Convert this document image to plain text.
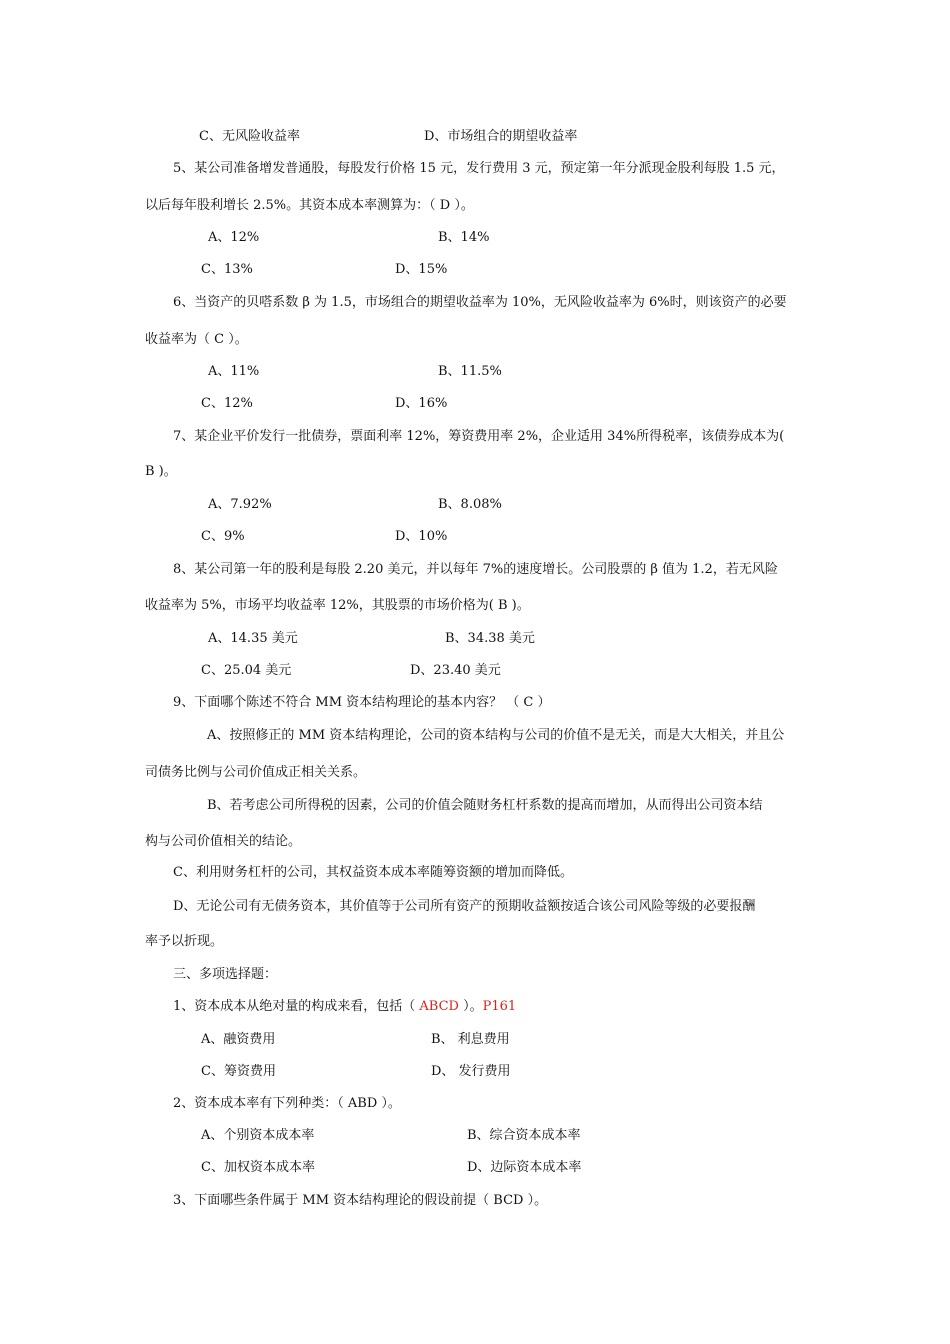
C、无风险收益率	D、市场组合的期望收益率
5、某公司准备增发普通股，每股发行价格 15 元，发行费用 3 元，预定第一年分派现金股利每股 1.5 元，
以后每年股利增长 2.5%。其资本成本率测算为：（ D ）。
A、12%	B、14%
C、13%	D、15%
6、当资产的贝嗒系数 β 为 1.5，市场组合的期望收益率为 10%，无风险收益率为 6%时，则该资产的必要
收益率为（ C ）。
A、11%	B、11.5%
C、12%	D、16%
7、某企业平价发行一批债券，票面利率 12%，筹资费用率 2%，企业适用 34%所得税率，该债券成本为(
B )。
A、7.92%	B、8.08%
C、9%	D、10%
8、某公司第一年的股利是每股 2.20 美元，并以每年 7%的速度增长。公司股票的 β 值为 1.2，若无风险
收益率为 5%，市场平均收益率 12%，其股票的市场价格为( B )。
A、14.35 美元	B、34.38 美元
C、25.04 美元	D、23.40 美元
9、下面哪个陈述不符合 MM 资本结构理论的基本内容？ （ C ）
A、按照修正的 MM 资本结构理论，公司的资本结构与公司的价值不是无关，而是大大相关，并且公
司债务比例与公司价值成正相关关系。
B、若考虑公司所得税的因素，公司的价值会随财务杠杆系数的提高而增加，从而得出公司资本结
构与公司价值相关的结论。
C、利用财务杠杆的公司，其权益资本成本率随筹资额的增加而降低。
D、无论公司有无债务资本，其价值等于公司所有资产的预期收益额按适合该公司风险等级的必要报酬
率予以折现。
三、多项选择题：
1、资本成本从绝对量的构成来看，包括（ ABCD ）。P161
A、融资费用	B、 利息费用
C、筹资费用	D、 发行费用
2、资本成本率有下列种类：（ ABD ）。
A、个别资本成本率	B、综合资本成本率
C、加权资本成本率	D、边际资本成本率
3、下面哪些条件属于 MM 资本结构理论的假设前提（ BCD ）。
